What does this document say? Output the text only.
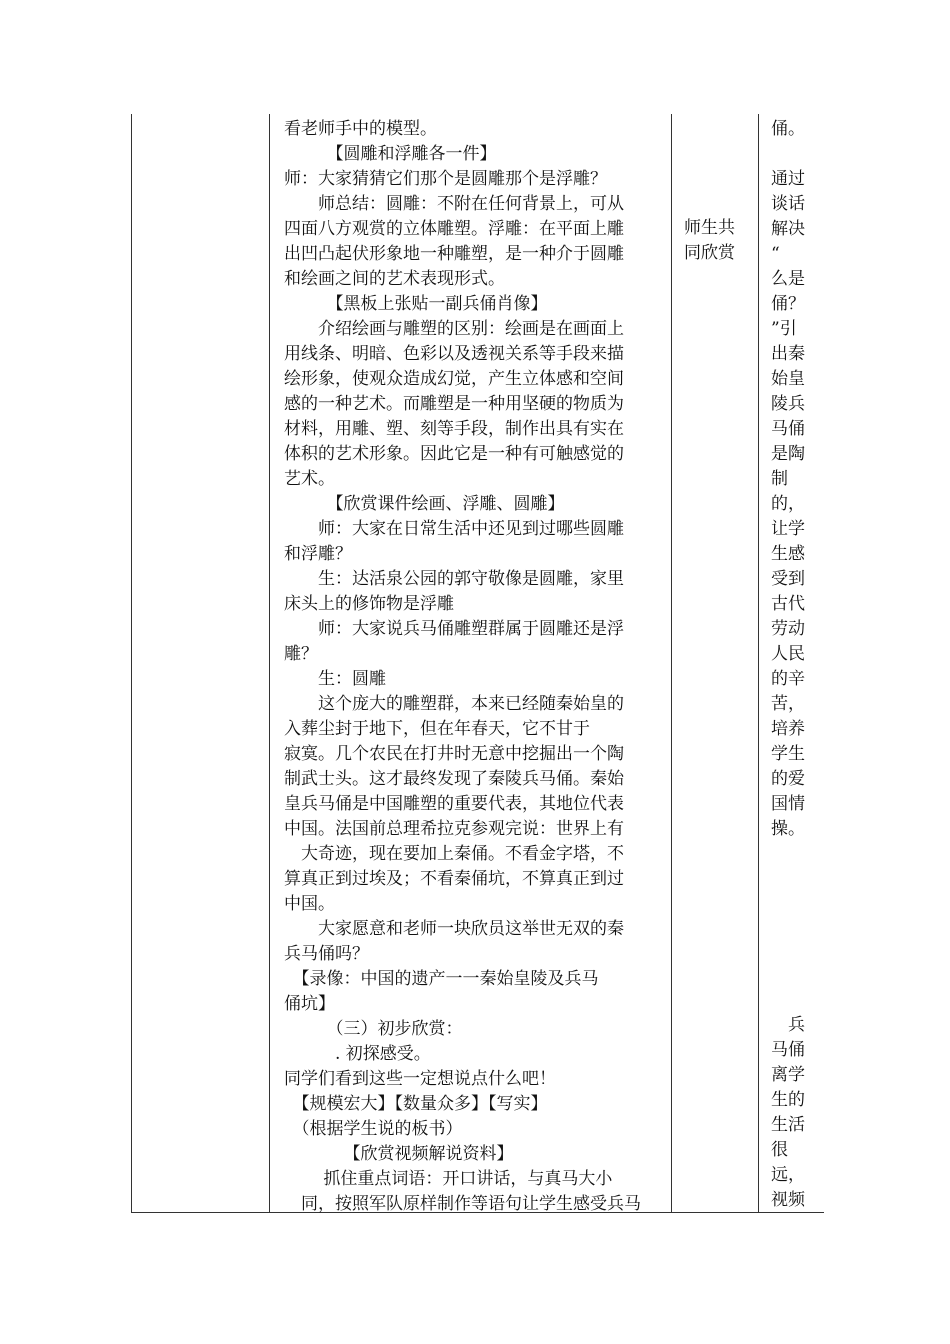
看老师手中的模型。
　　　【圆雕和浮雕各一件】
师：大家猜猜它们那个是圆雕那个是浮雕？
　　师总结：圆雕：不附在任何背景上，可从
四面八方观赏的立体雕塑。浮雕：在平面上雕
出凹凸起伏形象地一种雕塑，是一种介于圆雕
和绘画之间的艺术表现形式。
　　　【黑板上张贴一副兵俑肖像】
　　介绍绘画与雕塑的区别：绘画是在画面上
用线条、明暗、色彩以及透视关系等手段来描
绘形象，使观众造成幻觉，产生立体感和空间
感的一种艺术。而雕塑是一种用坚硬的物质为
材料，用雕、塑、刻等手段，制作出具有实在
体积的艺术形象。因此它是一种有可触感觉的
艺术。
　　　【欣赏课件绘画、浮雕、圆雕】
　　师：大家在日常生活中还见到过哪些圆雕
和浮雕？
　　生：达活泉公园的郭守敬像是圆雕，家里
床头上的修饰物是浮雕
　　师：大家说兵马俑雕塑群属于圆雕还是浮
雕？
　　生：圆雕
　　这个庞大的雕塑群，本来已经随秦始皇的
入葬尘封于地下，但在年春天，它不甘于
寂寞。几个农民在打井时无意中挖掘出一个陶
制武士头。这才最终发现了秦陵兵马俑。秦始
皇兵马俑是中国雕塑的重要代表，其地位代表
中国。法国前总理希拉克参观完说：世界上有
　大奇迹，现在要加上秦俑。不看金字塔，不
算真正到过埃及；不看秦俑坑，不算真正到过
中国。
　　大家愿意和老师一块欣员这举世无双的秦
兵马俑吗？
　【录像：中国的遗产一一秦始皇陵及兵马
俑坑】
　　　（三）初步欣赏：
　　　. 初探感受。
同学们看到这些一定想说点什么吧！
　【规模宏大】【数量众多】【写实】
　（根据学生说的板书）
　　　　【欣赏视频解说资料】
　　 抓住重点词语：开口讲话，与真马大小
　同，按照军队原样制作等语句让学生感受兵马
师生共
同欣赏
俑。
通过
谈话
解决
“
么是
俑？
”引
出秦
始皇
陵兵
马俑
是陶
制
的，
让学
生感
受到
古代
劳动
人民
的辛
苦，
培养
学生
的爱
国情
操。
　兵
马俑
离学
生的
生活
很
远，
视频
